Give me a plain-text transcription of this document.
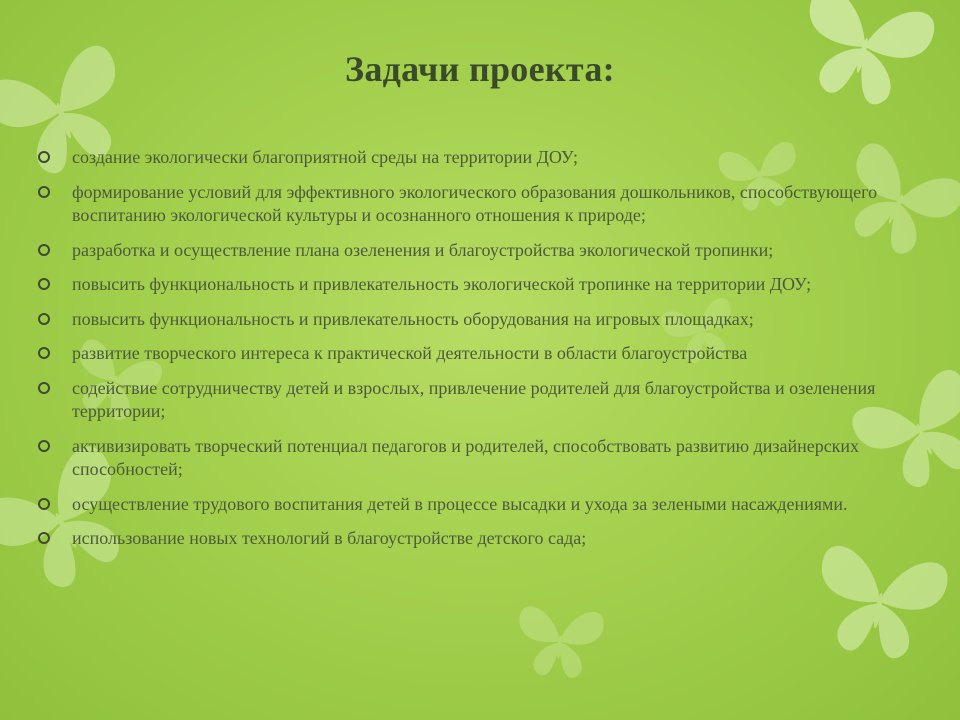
Задачи проекта:
создание экологически благоприятной среды на территории ДОУ;
формирование условий для эффективного экологического образования дошкольников, способствующего воспитанию экологической культуры и осознанного отношения к природе;
разработка и осуществление плана озеленения и благоустройства экологической тропинки;
повысить функциональность и привлекательность экологической тропинке на территории ДОУ;
повысить функциональность и привлекательность оборудования на игровых площадках;
развитие творческого интереса к практической деятельности в области благоустройства
содействие сотрудничеству детей и взрослых, привлечение родителей для благоустройства и озеленения территории;
активизировать творческий потенциал педагогов и родителей, способствовать развитию дизайнерских способностей;
осуществление трудового воспитания детей в процессе высадки и ухода за зелеными насаждениями.
использование новых технологий в благоустройстве детского сада;
